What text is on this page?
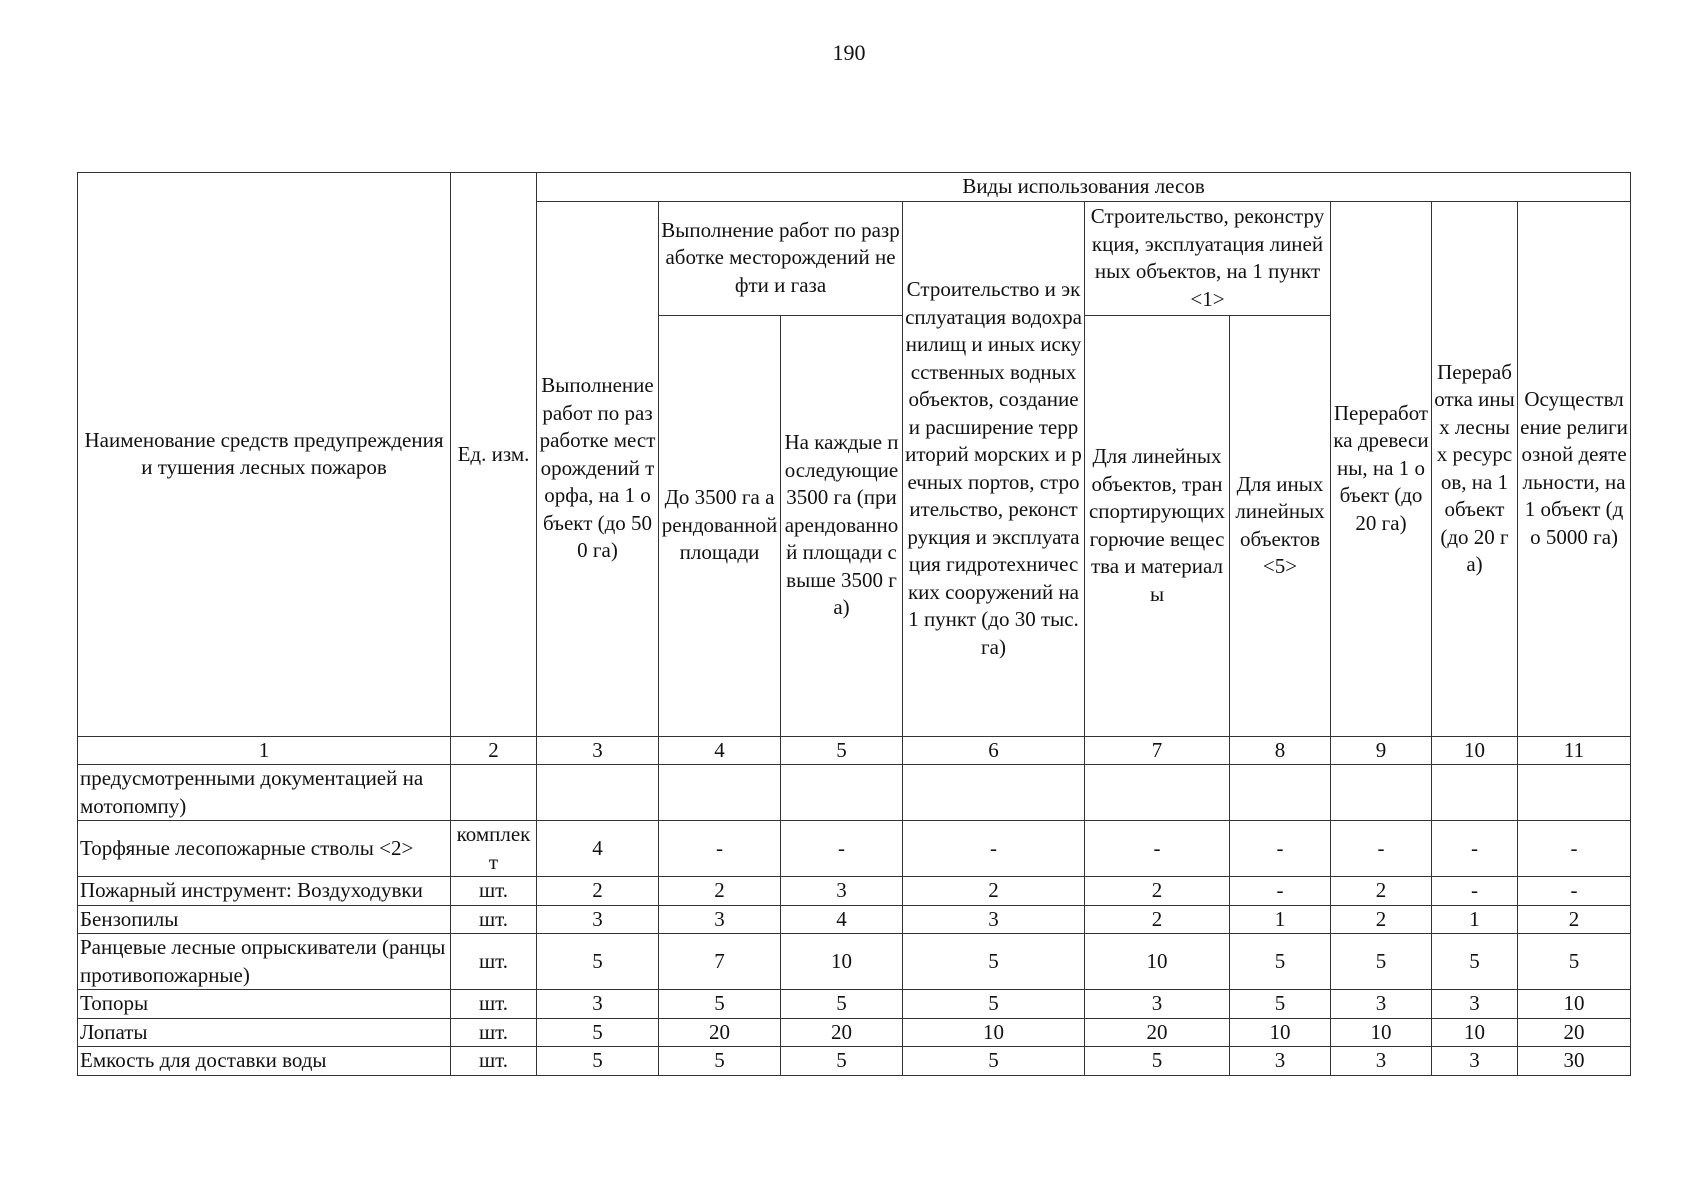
190
Наименование средств предупреждения и тушения лесных пожаров	Ед. изм.	Виды использования лесов								
		Выполнение работ по разработке месторождений торфа, на 1 объект (до 500 га)	Выполнение работ по разработке месторождений нефти и газа		Строительство и эксплуатация водохранилищ и иных искусственных водных объектов, создание и расширение территорий морских и речных портов, строительство, реконструкция и эксплуатация гидротехнических сооружений на 1 пункт (до 30 тыс. га)	Строительство, реконструкция, эксплуатация линейных объектов, на 1 пункт <1>		Переработка древесины, на 1 объект (до 20 га)	Переработка иных лесных ресурсов, на 1 объект (до 20 га)	Осуществление религиозной деятельности, на 1 объект (до 5000 га)
			До 3500 га арендованной площади	На каждые последующие 3500 га (при арендованной площади свыше 3500 га)						
						Для линейных объектов, транспортирующих горючие вещества и материалы	Для иных линейных объектов <5>			
1	2	3	4	5	6	7	8	9	10	11
предусмотренными документацией на мотопомпу)										
Торфяные лесопожарные стволы <2>	комплект	4	-	-	-	-	-	-	-	-
Пожарный инструмент: Воздуходувки	шт.	2	2	3	2	2	-	2	-	-
Бензопилы	шт.	3	3	4	3	2	1	2	1	2
Ранцевые лесные опрыскиватели (ранцы противопожарные)	шт.	5	7	10	5	10	5	5	5	5
Топоры	шт.	3	5	5	5	3	5	3	3	10
Лопаты	шт.	5	20	20	10	20	10	10	10	20
Емкость для доставки воды	шт.	5	5	5	5	5	3	3	3	30
